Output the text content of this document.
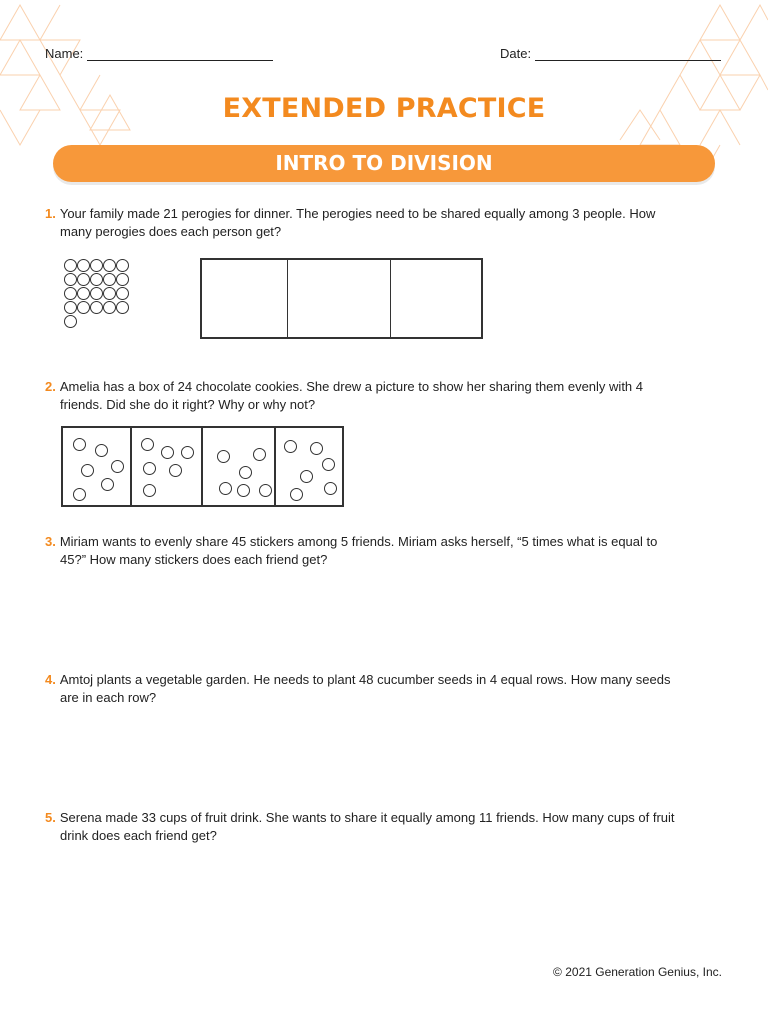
Name:	Date:
EXTENDED PRACTICE
INTRO TO DIVISION
1. Your family made 21 perogies for dinner. The perogies need to be shared equally among 3 people. How
many perogies does each person get?
2. Amelia has a box of 24 chocolate cookies. She drew a picture to show her sharing them evenly with 4
friends. Did she do it right? Why or why not?
3. Miriam wants to evenly share 45 stickers among 5 friends. Miriam asks herself, “5 times what is equal to
45?” How many stickers does each friend get?
4. Amtoj plants a vegetable garden. He needs to plant 48 cucumber seeds in 4 equal rows. How many seeds
are in each row?
5. Serena made 33 cups of fruit drink. She wants to share it equally among 11 friends. How many cups of fruit
drink does each friend get?
© 2021 Generation Genius, Inc.
